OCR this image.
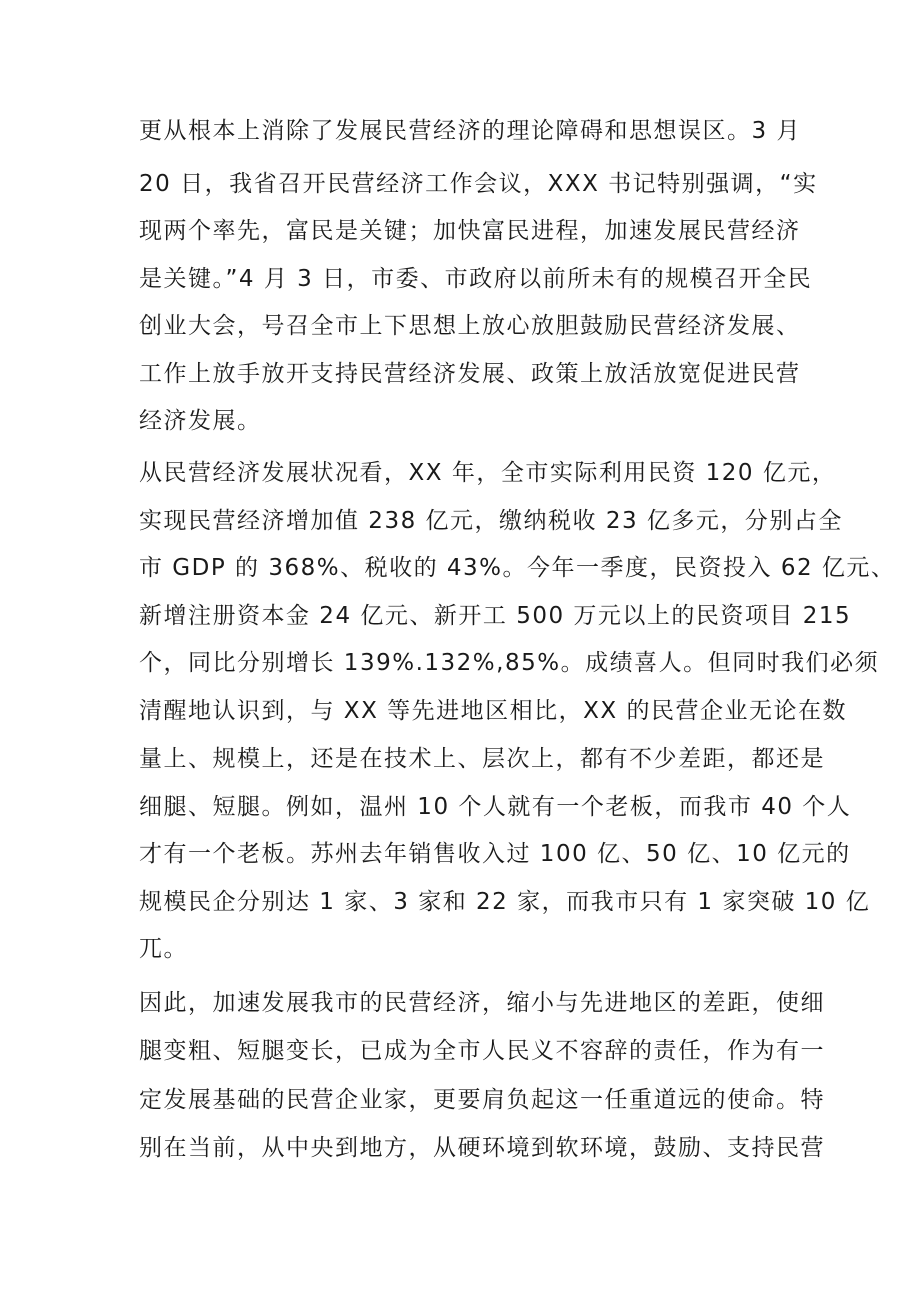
更从根本上消除了发展民营经济的理论障碍和思想误区。3 月

20 日，我省召开民营经济工作会议，XXX 书记特别强调，“实

现两个率先，富民是关键；加快富民进程，加速发展民营经济

是关键。”4 月 3 日，市委、市政府以前所未有的规模召开全民

创业大会，号召全市上下思想上放心放胆鼓励民营经济发展、

工作上放手放开支持民营经济发展、政策上放活放宽促进民营

经济发展。

从民营经济发展状况看，XX 年，全市实际利用民资 120 亿元，

实现民营经济增加值 238 亿元，缴纳税收 23 亿多元，分别占全

市 GDP 的 368%、税收的 43%。今年一季度，民资投入 62 亿元、

新增注册资本金 24 亿元、新开工 500 万元以上的民资项目 215

个，同比分别增长 139%.132%,85%。成绩喜人。但同时我们必须

清醒地认识到，与 XX 等先进地区相比，XX 的民营企业无论在数

量上、规模上，还是在技术上、层次上，都有不少差距，都还是

细腿、短腿。例如，温州 10 个人就有一个老板，而我市 40 个人

才有一个老板。苏州去年销售收入过 100 亿、50 亿、10 亿元的

规模民企分别达 1 家、3 家和 22 家，而我市只有 1 家突破 10 亿

兀。

因此，加速发展我市的民营经济，缩小与先进地区的差距，使细

腿变粗、短腿变长，已成为全市人民义不容辞的责任，作为有一

定发展基础的民营企业家，更要肩负起这一任重道远的使命。特

别在当前，从中央到地方，从硬环境到软环境，鼓励、支持民营
